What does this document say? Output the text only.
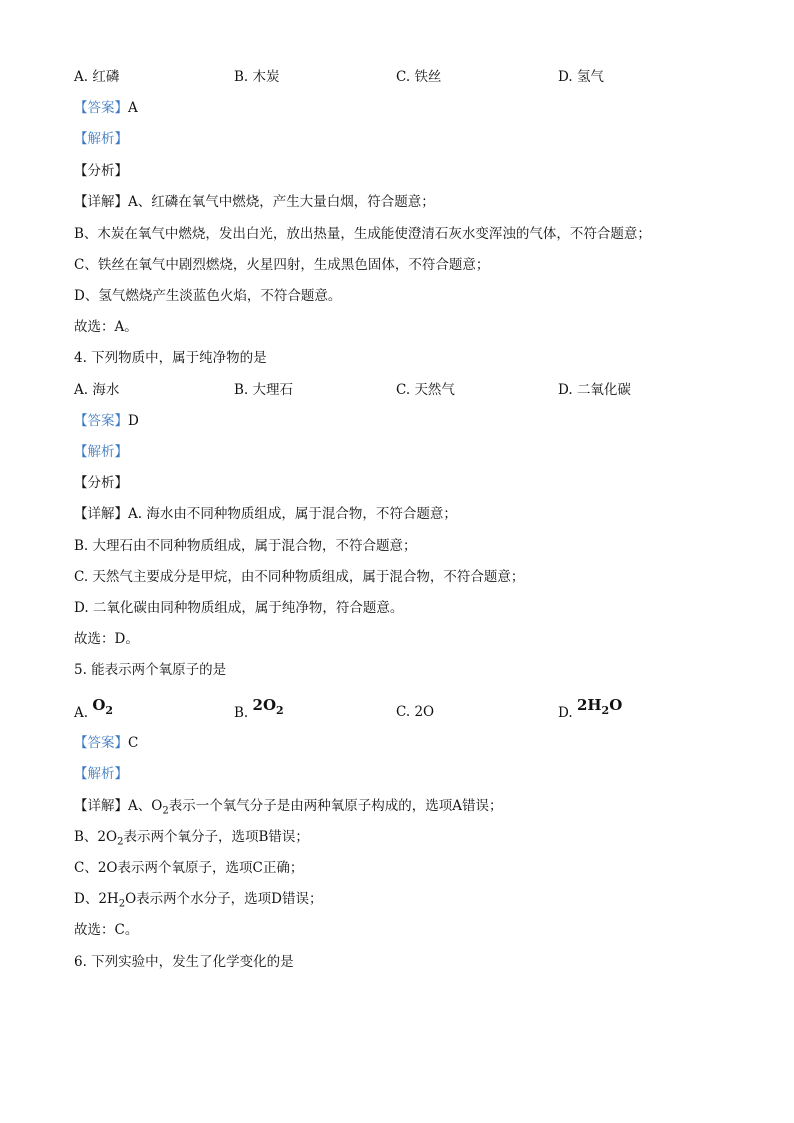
A. 红磷	B. 木炭	C. 铁丝	D. 氢气
【答案】A
【解析】
【分析】
【详解】A、红磷在氧气中燃烧，产生大量白烟，符合题意；
B、木炭在氧气中燃烧，发出白光，放出热量，生成能使澄清石灰水变浑浊的气体，不符合题意；
C、铁丝在氧气中剧烈燃烧，火星四射，生成黑色固体，不符合题意；
D、氢气燃烧产生淡蓝色火焰，不符合题意。
故选：A。
4. 下列物质中，属于纯净物的是
A. 海水	B. 大理石	C. 天然气	D. 二氧化碳
【答案】D
【解析】
【分析】
【详解】A. 海水由不同种物质组成，属于混合物，不符合题意；
B. 大理石由不同种物质组成，属于混合物，不符合题意；
C. 天然气主要成分是甲烷，由不同种物质组成，属于混合物，不符合题意；
D. 二氧化碳由同种物质组成，属于纯净物，符合题意。
故选：D。
5. 能表示两个氧原子的是
A. $O_2$	B. $2O_2$	C. 2O	D. $2H_2O$
【答案】C
【解析】
【详解】A、$O_2$表示一个氧气分子是由两种氧原子构成的，选项A错误；
B、$2O_2$表示两个氧分子，选项B错误；
C、2O表示两个氧原子，选项C正确；
D、$2H_2O$表示两个水分子，选项D错误；
故选：C。
6. 下列实验中，发生了化学变化的是
